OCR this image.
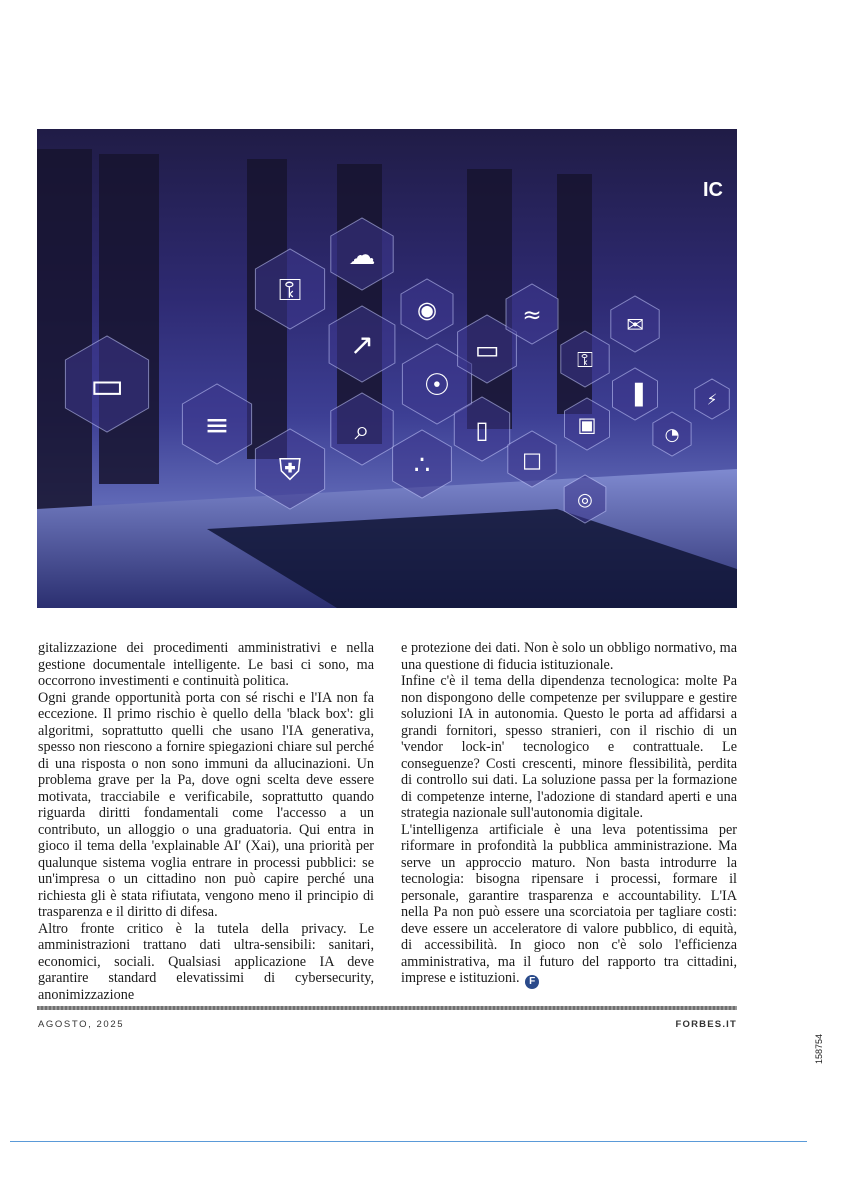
▭
≡
⚿
☁
↗
⌕
☉
⛨	∴
▯
▭
≈
□
⚿
▣
◎
✉
▐
◔
⚡
◉
IC

gitalizzazione dei procedimenti amministrativi e nella gestione documentale intelligente. Le basi ci sono, ma occorrono investimenti e continuità politica.

Ogni grande opportunità porta con sé rischi e l'IA non fa eccezione. Il primo rischio è quello della 'black box': gli algoritmi, soprattutto quelli che usano l'IA generativa, spesso non riescono a fornire spiegazioni chiare sul perché di una risposta o non sono immuni da allucinazioni. Un problema grave per la Pa, dove ogni scelta deve essere motivata, tracciabile e verificabile, soprattutto quando riguarda diritti fondamentali come l'accesso a un contributo, un alloggio o una graduatoria. Qui entra in gioco il tema della 'explainable AI' (Xai), una priorità per qualunque sistema voglia entrare in processi pubblici: se un'impresa o un cittadino non può capire perché una richiesta gli è stata rifiutata, vengono meno il principio di trasparenza e il diritto di difesa.

Altro fronte critico è la tutela della privacy. Le amministrazioni trattano dati ultra-sensibili: sanitari, economici, sociali. Qualsiasi applicazione IA deve garantire standard elevatissimi di cybersecurity, anonimizzazione

e protezione dei dati. Non è solo un obbligo normativo, ma una questione di fiducia istituzionale.

Infine c'è il tema della dipendenza tecnologica: molte Pa non dispongono delle competenze per sviluppare e gestire soluzioni IA in autonomia. Questo le porta ad affidarsi a grandi fornitori, spesso stranieri, con il rischio di un 'vendor lock-in' tecnologico e contrattuale. Le conseguenze? Costi crescenti, minore flessibilità, perdita di controllo sui dati. La soluzione passa per la formazione di competenze interne, l'adozione di standard aperti e una strategia nazionale sull'autonomia digitale.

L'intelligenza artificiale è una leva potentissima per riformare in profondità la pubblica amministrazione. Ma serve un approccio maturo. Non basta introdurre la tecnologia: bisogna ripensare i processi, formare il personale, garantire trasparenza e accountability. L'IA nella Pa non può essere una scorciatoia per tagliare costi: deve essere un acceleratore di valore pubblico, di equità, di accessibilità. In gioco non c'è solo l'efficienza amministrativa, ma il futuro del rapporto tra cittadini, imprese e istituzioni. F

AGOSTO, 2025	FORBES.IT
158754
